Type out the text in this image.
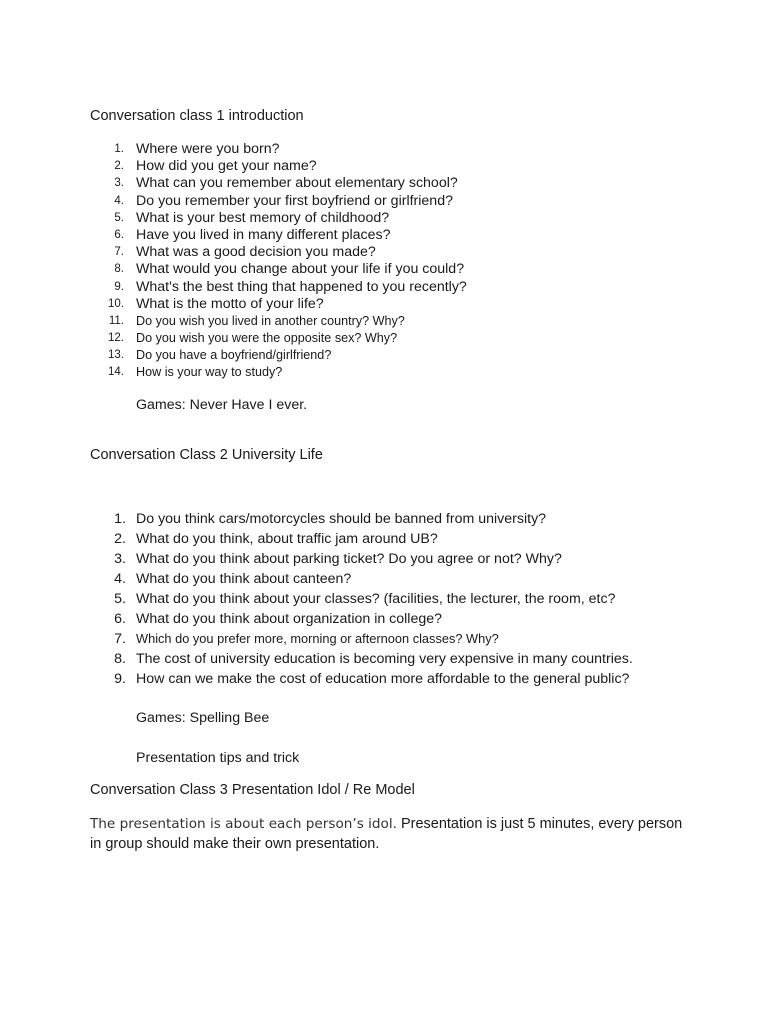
Conversation class 1 introduction
1. Where were you born?
2. How did you get your name?
3. What can you remember about elementary school?
4. Do you remember your first boyfriend or girlfriend?
5. What is your best memory of childhood?
6. Have you lived in many different places?
7. What was a good decision you made?
8. What would you change about your life if you could?
9. What's the best thing that happened to you recently?
10. What is the motto of your life?
11. Do you wish you lived in another country? Why?
12. Do you wish you were the opposite sex? Why?
13. Do you have a boyfriend/girlfriend?
14. How is your way to study?
Games: Never Have I ever.
Conversation Class 2 University Life
1. Do you think cars/motorcycles should be banned from university?
2. What do you think, about traffic jam around UB?
3. What do you think about parking ticket? Do you agree or not? Why?
4. What do you think about canteen?
5. What do you think about your classes? (facilities, the lecturer, the room, etc?
6. What do you think about organization in college?
7. Which do you prefer more, morning or afternoon classes? Why?
8. The cost of university education is becoming very expensive in many countries.
9. How can we make the cost of education more affordable to the general public?
Games: Spelling Bee
Presentation tips and trick
Conversation Class 3 Presentation Idol / Re Model
The presentation is about each person’s idol. Presentation is just 5 minutes, every person in group should make their own presentation.
